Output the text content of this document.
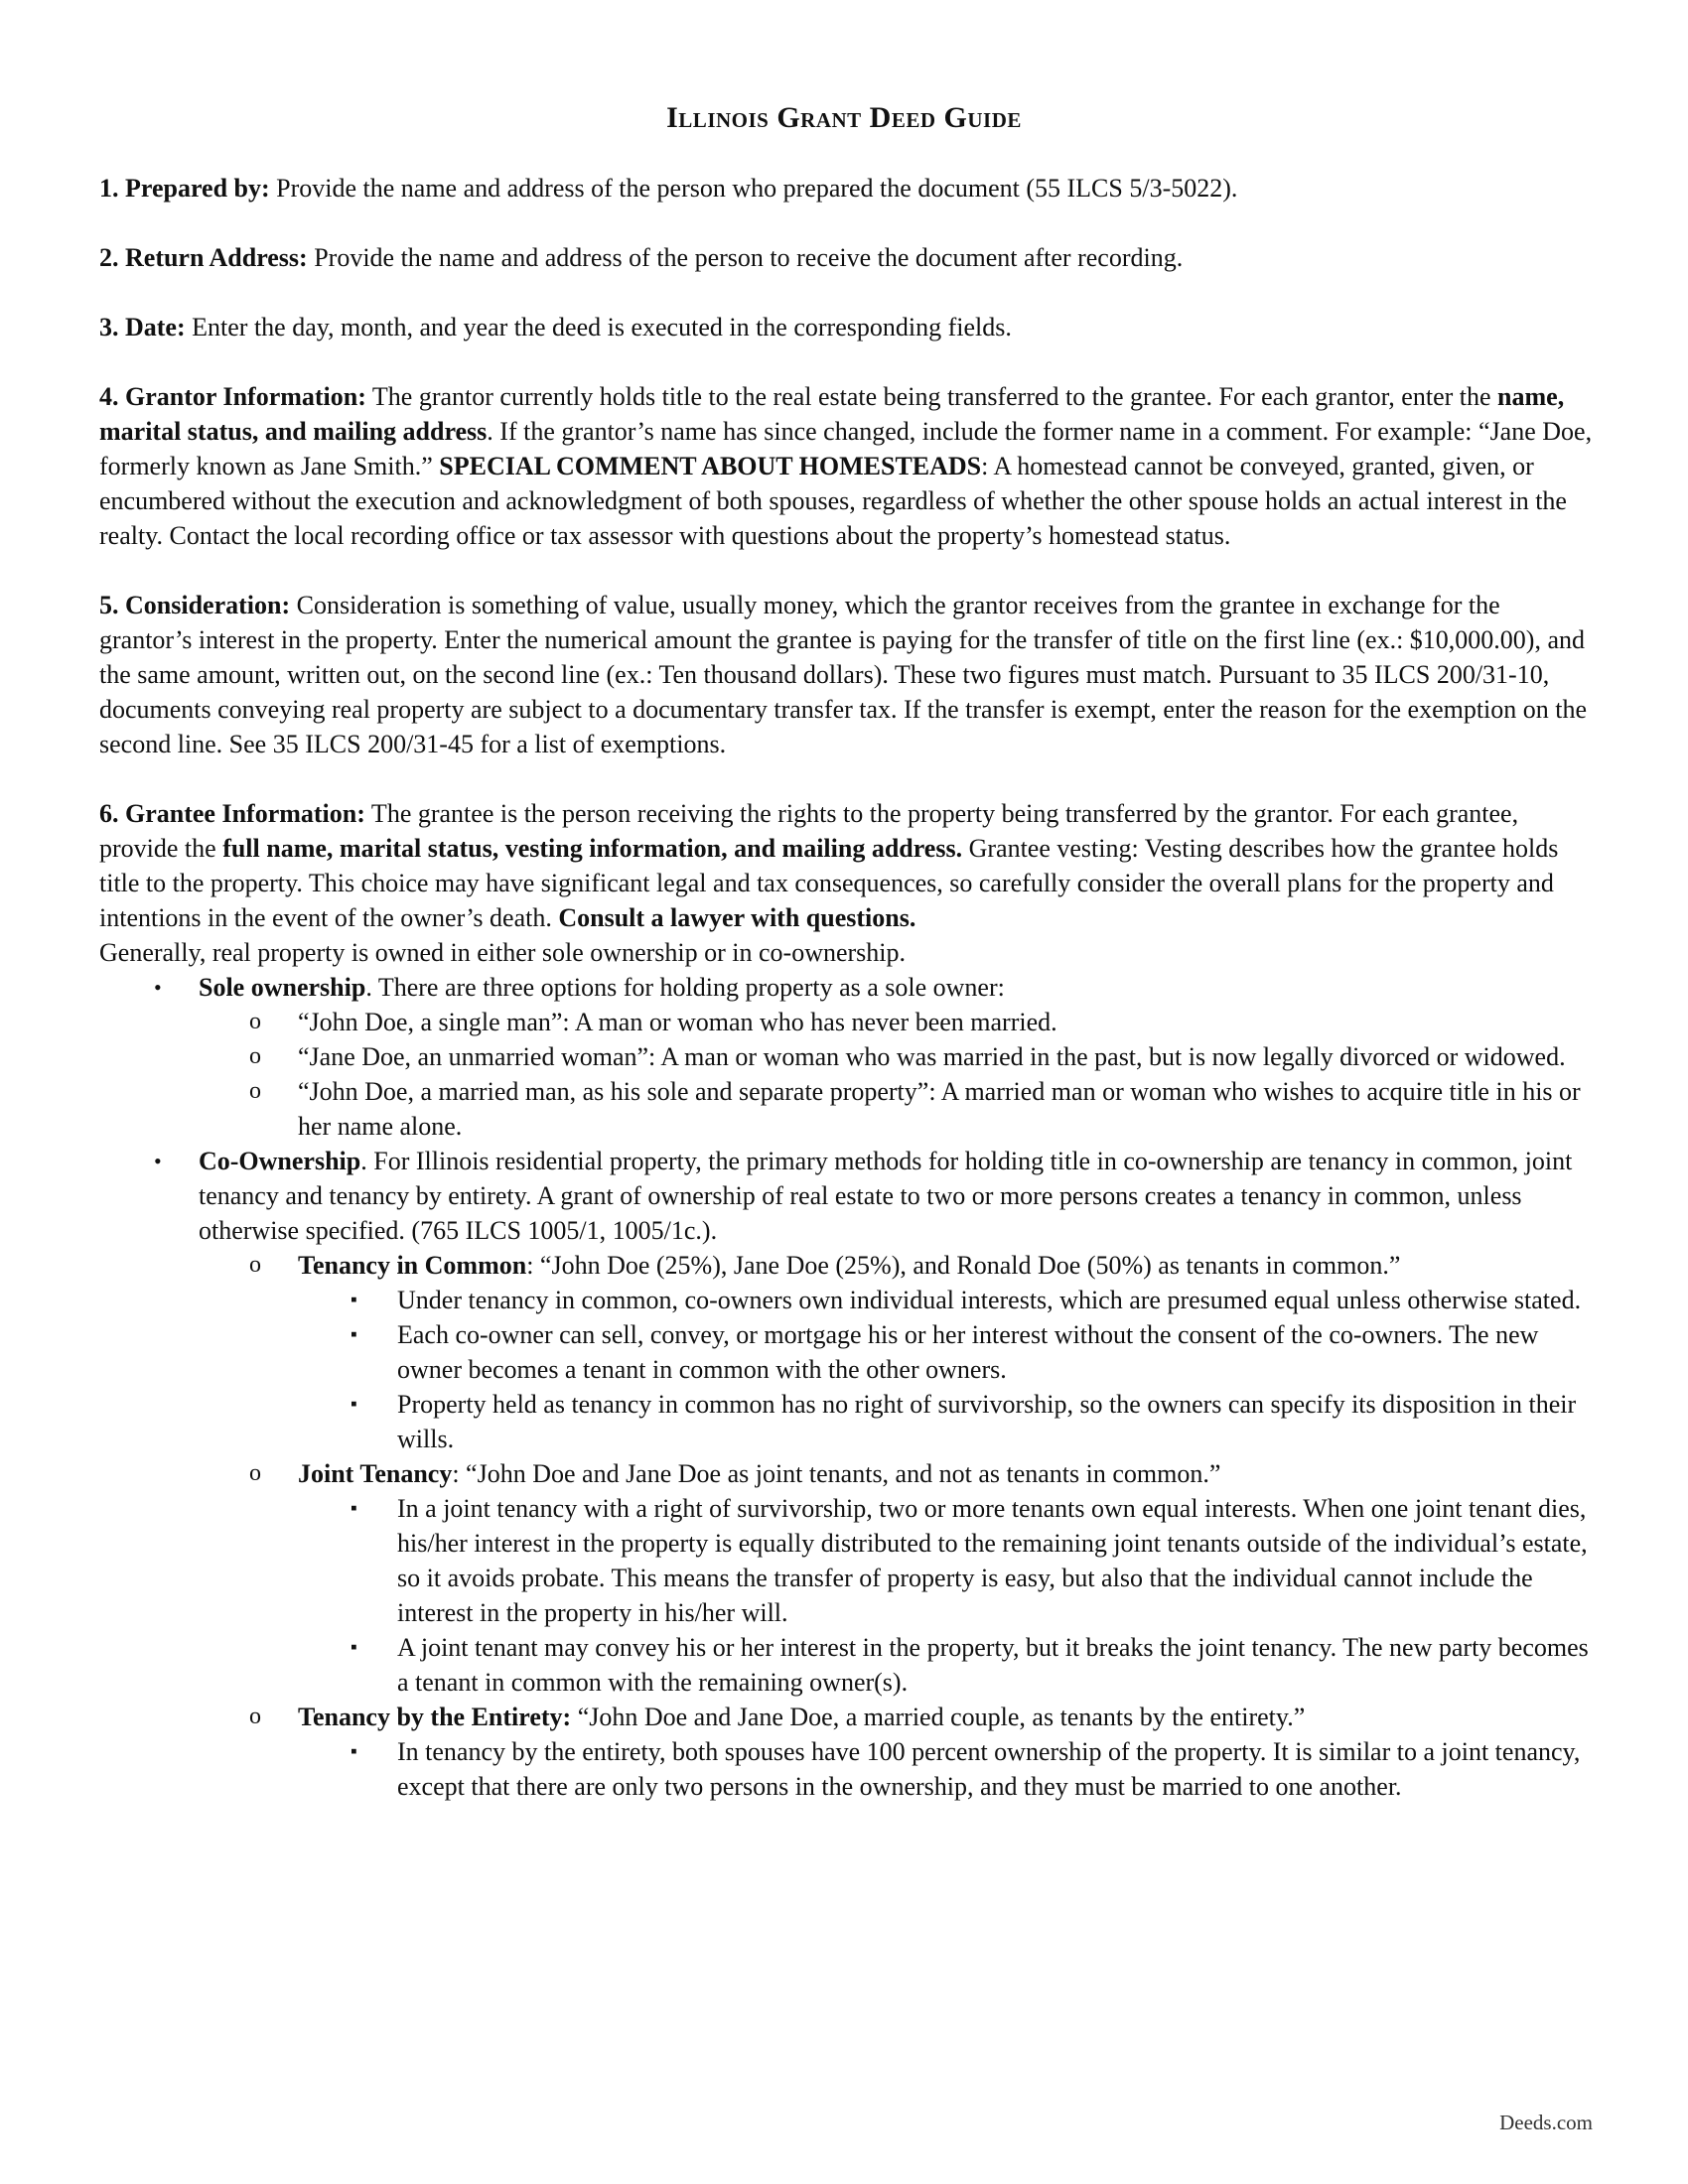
Illinois Grant Deed Guide

1. Prepared by: Provide the name and address of the person who prepared the document (55 ILCS 5/3-5022).

2. Return Address: Provide the name and address of the person to receive the document after recording.

3. Date: Enter the day, month, and year the deed is executed in the corresponding fields.

4. Grantor Information: The grantor currently holds title to the real estate being transferred to the grantee. For each grantor, enter the name, marital status, and mailing address. If the grantor’s name has since changed, include the former name in a comment. For example: “Jane Doe, formerly known as Jane Smith.” SPECIAL COMMENT ABOUT HOMESTEADS: A homestead cannot be conveyed, granted, given, or encumbered without the execution and acknowledgment of both spouses, regardless of whether the other spouse holds an actual interest in the realty. Contact the local recording office or tax assessor with questions about the property’s homestead status.

5. Consideration: Consideration is something of value, usually money, which the grantor receives from the grantee in exchange for the grantor’s interest in the property. Enter the numerical amount the grantee is paying for the transfer of title on the first line (ex.: $10,000.00), and the same amount, written out, on the second line (ex.: Ten thousand dollars). These two figures must match. Pursuant to 35 ILCS 200/31-10, documents conveying real property are subject to a documentary transfer tax. If the transfer is exempt, enter the reason for the exemption on the second line. See 35 ILCS 200/31-45 for a list of exemptions.

6. Grantee Information: The grantee is the person receiving the rights to the property being transferred by the grantor. For each grantee, provide the full name, marital status, vesting information, and mailing address. Grantee vesting: Vesting describes how the grantee holds title to the property. This choice may have significant legal and tax consequences, so carefully consider the overall plans for the property and intentions in the event of the owner’s death. Consult a lawyer with questions.

Generally, real property is owned in either sole ownership or in co-ownership.

• Sole ownership. There are three options for holding property as a sole owner:
o “John Doe, a single man”: A man or woman who has never been married.
o “Jane Doe, an unmarried woman”: A man or woman who was married in the past, but is now legally divorced or widowed.
o “John Doe, a married man, as his sole and separate property”: A married man or woman who wishes to acquire title in his or her name alone.
• Co-Ownership. For Illinois residential property, the primary methods for holding title in co-ownership are tenancy in common, joint tenancy and tenancy by entirety. A grant of ownership of real estate to two or more persons creates a tenancy in common, unless otherwise specified. (765 ILCS 1005/1, 1005/1c.).
o Tenancy in Common: “John Doe (25%), Jane Doe (25%), and Ronald Doe (50%) as tenants in common.”
▪ Under tenancy in common, co-owners own individual interests, which are presumed equal unless otherwise stated.
▪ Each co-owner can sell, convey, or mortgage his or her interest without the consent of the co-owners. The new owner becomes a tenant in common with the other owners.
▪ Property held as tenancy in common has no right of survivorship, so the owners can specify its disposition in their wills.
o Joint Tenancy: “John Doe and Jane Doe as joint tenants, and not as tenants in common.”
▪ In a joint tenancy with a right of survivorship, two or more tenants own equal interests. When one joint tenant dies, his/her interest in the property is equally distributed to the remaining joint tenants outside of the individual’s estate, so it avoids probate. This means the transfer of property is easy, but also that the individual cannot include the interest in the property in his/her will.
▪ A joint tenant may convey his or her interest in the property, but it breaks the joint tenancy. The new party becomes a tenant in common with the remaining owner(s).
o Tenancy by the Entirety: “John Doe and Jane Doe, a married couple, as tenants by the entirety.”
▪ In tenancy by the entirety, both spouses have 100 percent ownership of the property. It is similar to a joint tenancy, except that there are only two persons in the ownership, and they must be married to one another.
Deeds.com
